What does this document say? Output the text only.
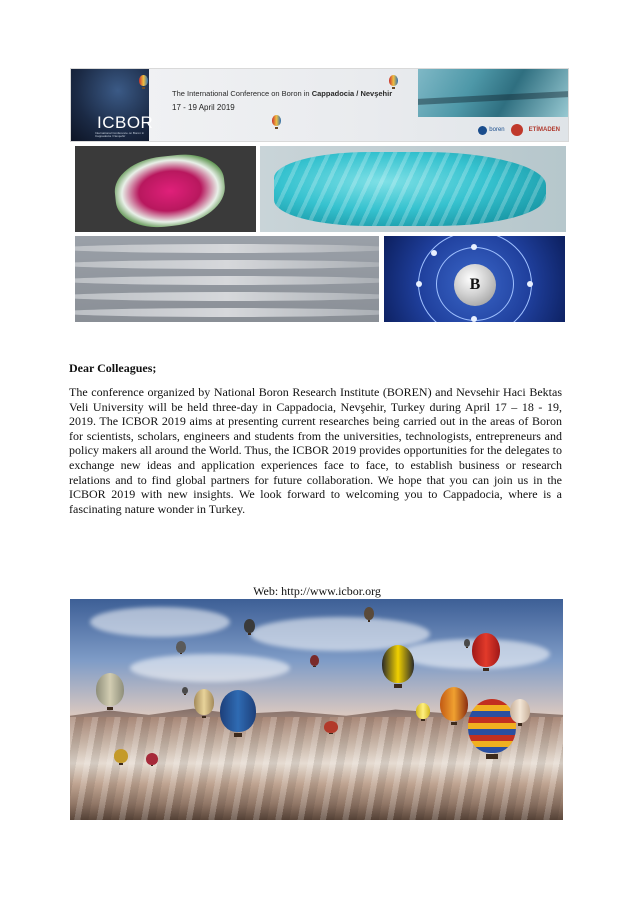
ICBOR
International Conference on Boron in Cappadocia / Nevşehir
The International Conference on Boron in Cappadocia / Nevşehir
17 - 19 April 2019
boren	ETİMADEN
B
Dear Colleagues;
The conference organized by National Boron Research Institute (BOREN) and Nevsehir Haci Bektas Veli University will be held three-day in Cappadocia, Nevşehir, Turkey during April 17 – 18 - 19, 2019. The ICBOR 2019 aims at presenting current researches being carried out in the areas of Boron for scientists, scholars, engineers and students from the universities, technologists, entrepreneurs and policy makers all around the World. Thus, the ICBOR 2019 provides opportunities for the delegates to exchange new ideas and application experiences face to face, to establish business or research relations and to find global partners for future collaboration. We hope that you can join us in the ICBOR 2019 with new insights. We look forward to welcoming you to Cappadocia, where is a fascinating nature wonder in Turkey.
Web: http://www.icbor.org
